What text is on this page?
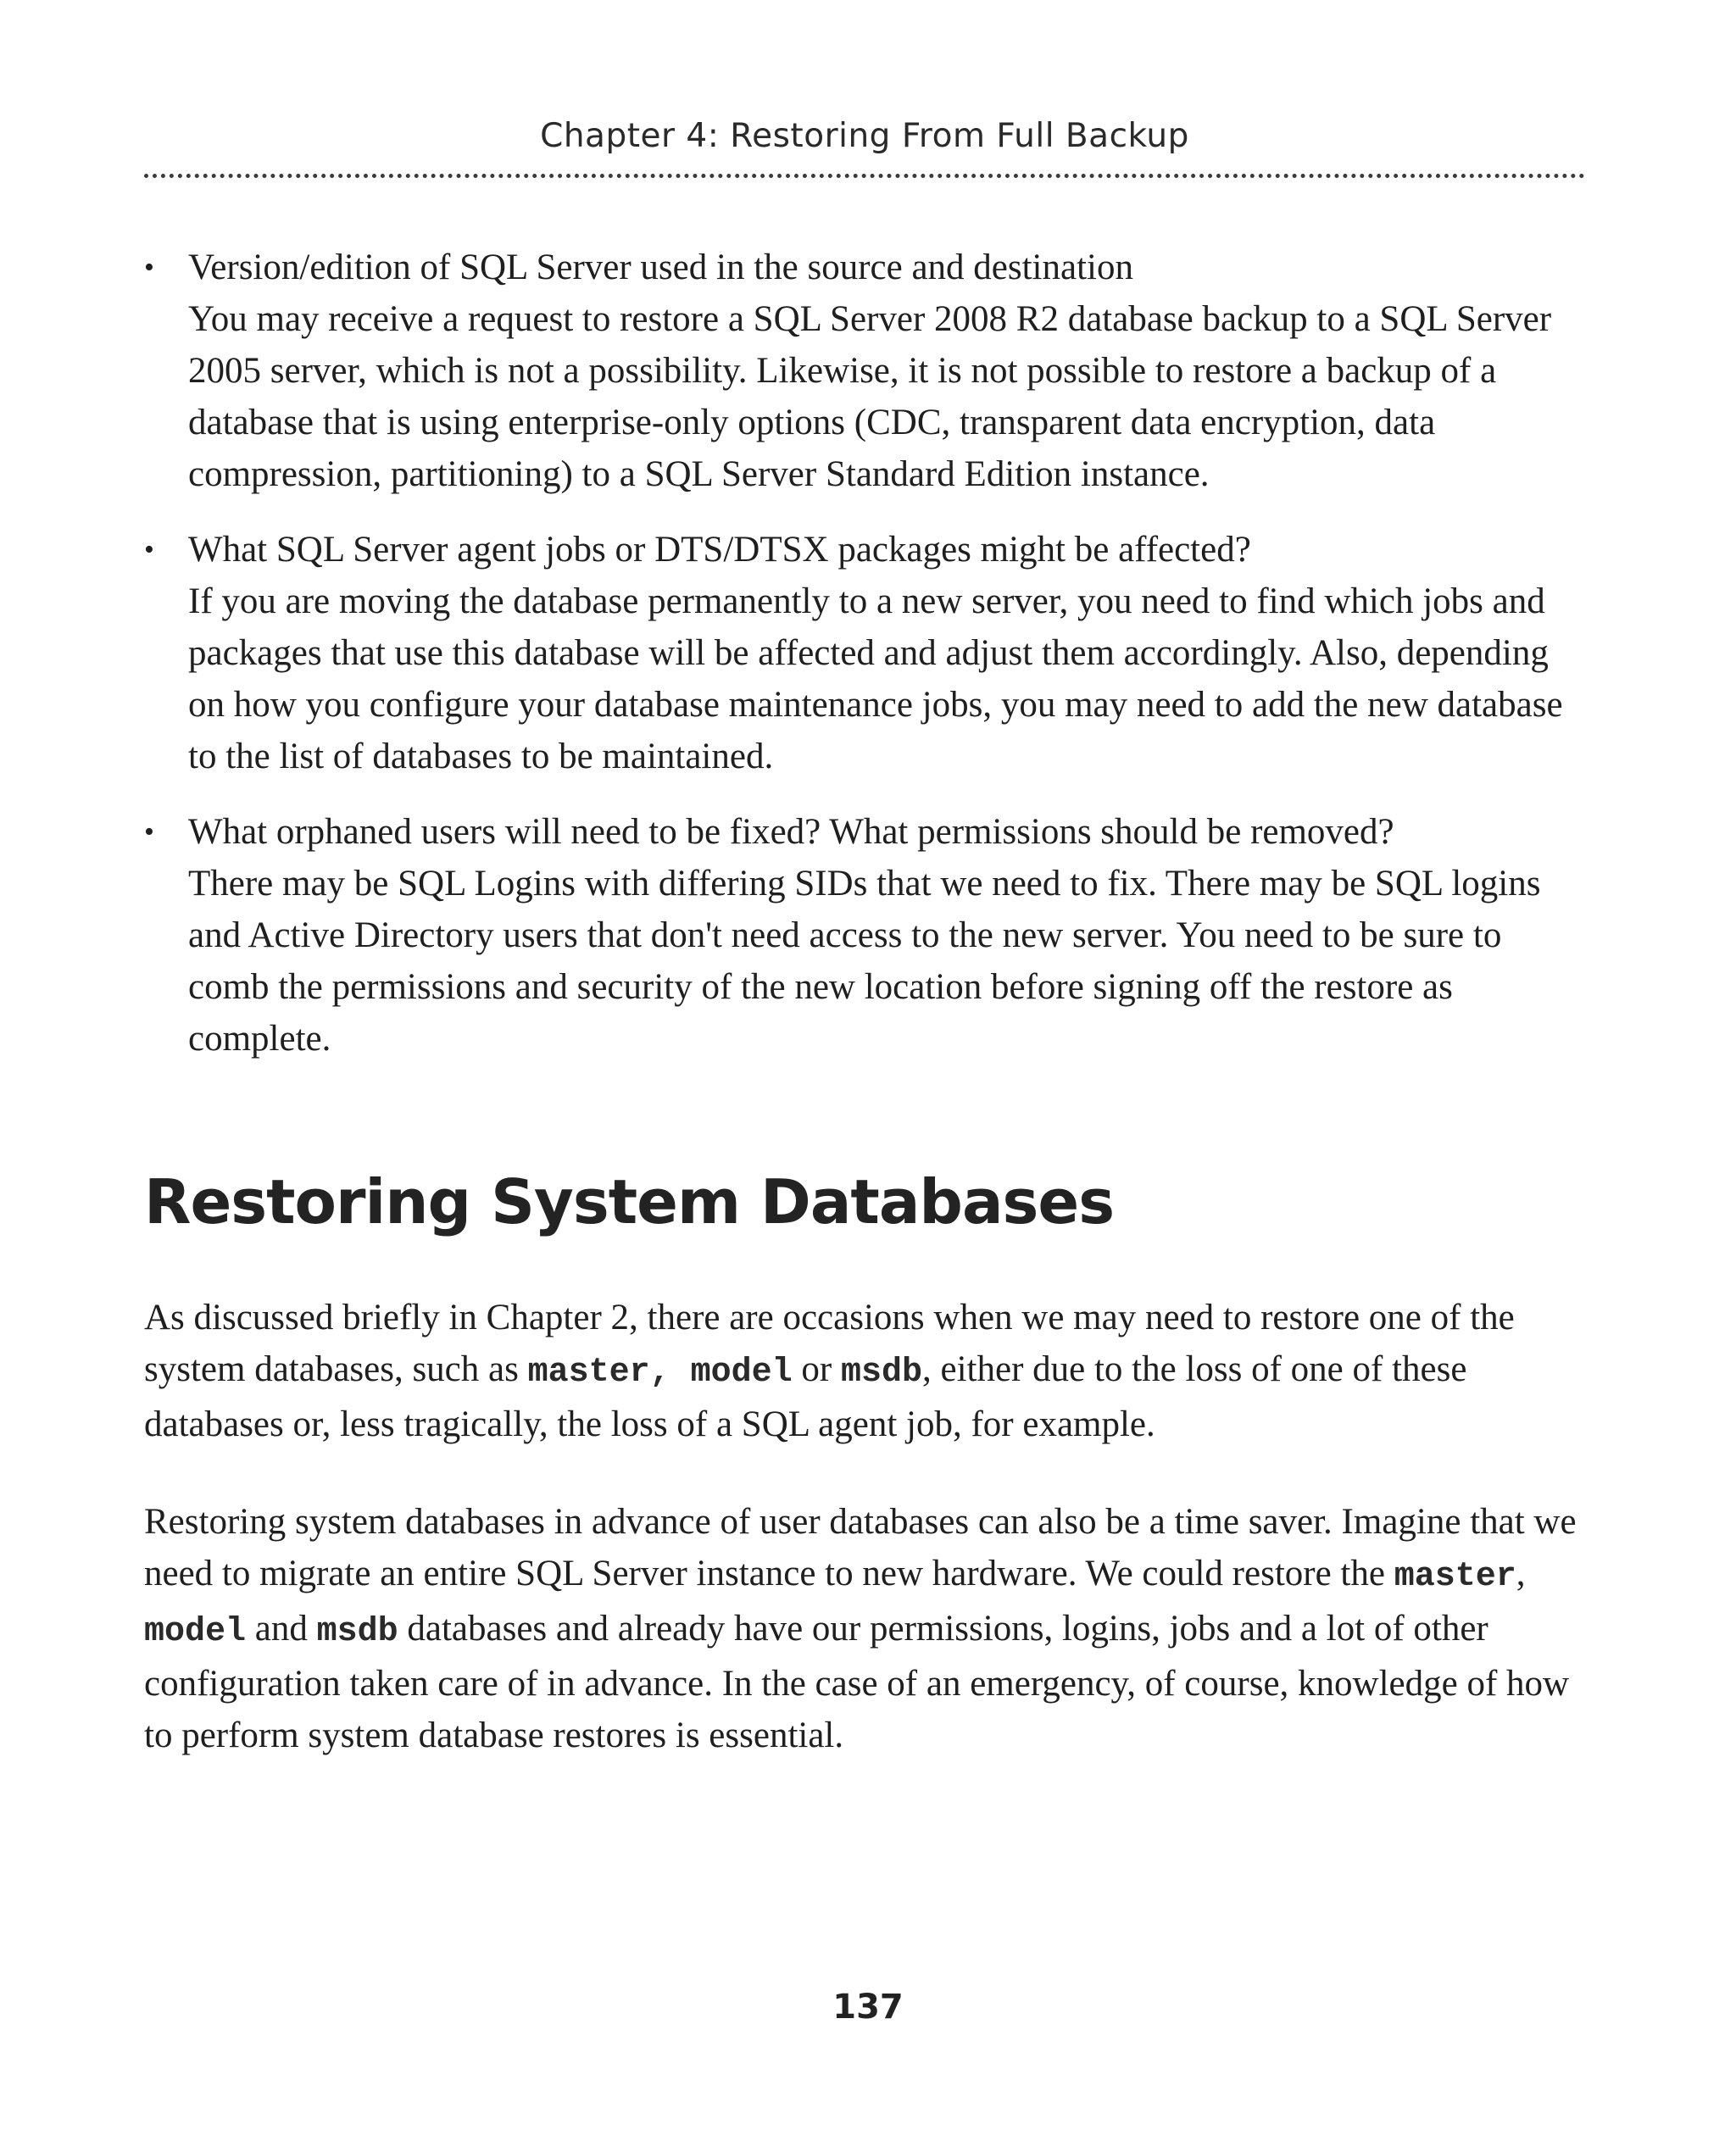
Chapter 4: Restoring From Full Backup
• Version/edition of SQL Server used in the source and destination
You may receive a request to restore a SQL Server 2008 R2 database backup to a SQL Server 2005 server, which is not a possibility. Likewise, it is not possible to restore a backup of a database that is using enterprise-only options (CDC, transparent data encryption, data compression, partitioning) to a SQL Server Standard Edition instance.
• What SQL Server agent jobs or DTS/DTSX packages might be affected?
If you are moving the database permanently to a new server, you need to find which jobs and packages that use this database will be affected and adjust them accordingly. Also, depending on how you configure your database maintenance jobs, you may need to add the new database to the list of databases to be maintained.
• What orphaned users will need to be fixed? What permissions should be removed?
There may be SQL Logins with differing SIDs that we need to fix. There may be SQL logins and Active Directory users that don't need access to the new server. You need to be sure to comb the permissions and security of the new location before signing off the restore as complete.
Restoring System Databases

As discussed briefly in Chapter 2, there are occasions when we may need to restore one of the system databases, such as master, model or msdb, either due to the loss of one of these databases or, less tragically, the loss of a SQL agent job, for example.

Restoring system databases in advance of user databases can also be a time saver. Imagine that we need to migrate an entire SQL Server instance to new hardware. We could restore the master, model and msdb databases and already have our permissions, logins, jobs and a lot of other configuration taken care of in advance. In the case of an emergency, of course, knowledge of how to perform system database restores is essential.

137
